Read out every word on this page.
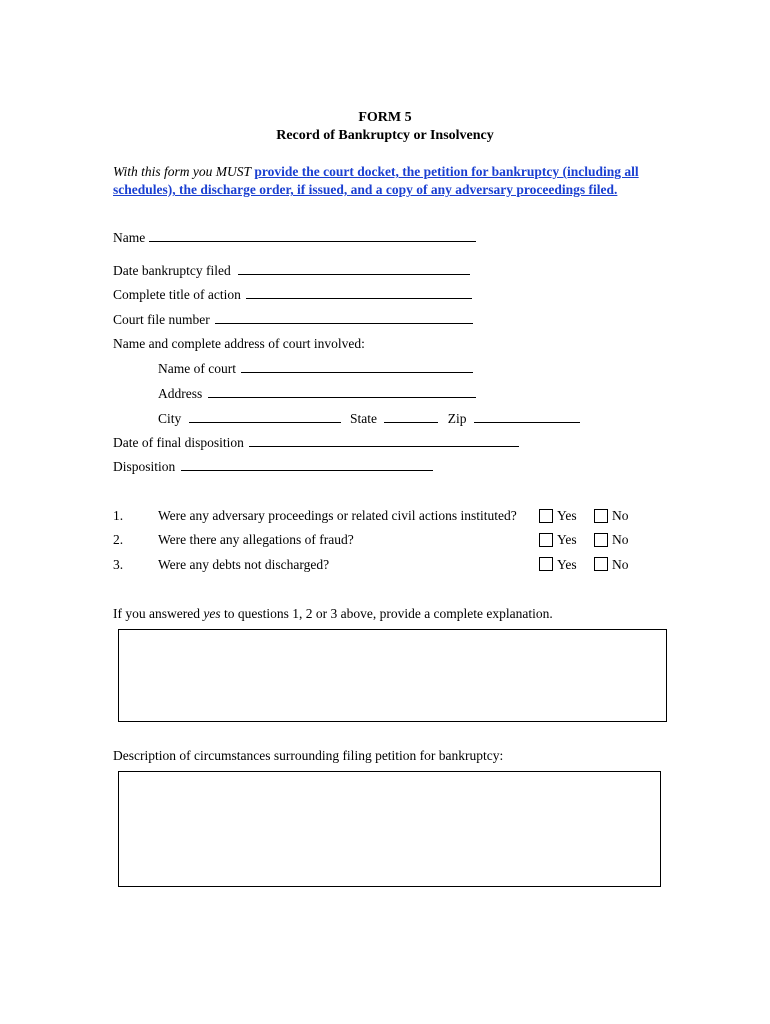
FORM 5
Record of Bankruptcy or Insolvency
With this form you MUST provide the court docket, the petition for bankruptcy (including all schedules), the discharge order, if issued, and a copy of any adversary proceedings filed.
Name
Date bankruptcy filed
Complete title of action
Court file number
Name and complete address of court involved:
Name of court
Address
City	State	Zip
Date of final disposition
Disposition
1.	Were any adversary proceedings or related civil actions instituted?	Yes	No
2.	Were there any allegations of fraud?	Yes	No
3.	Were any debts not discharged?	Yes	No
If you answered yes to questions 1, 2 or 3 above, provide a complete explanation.
Description of circumstances surrounding filing petition for bankruptcy:
